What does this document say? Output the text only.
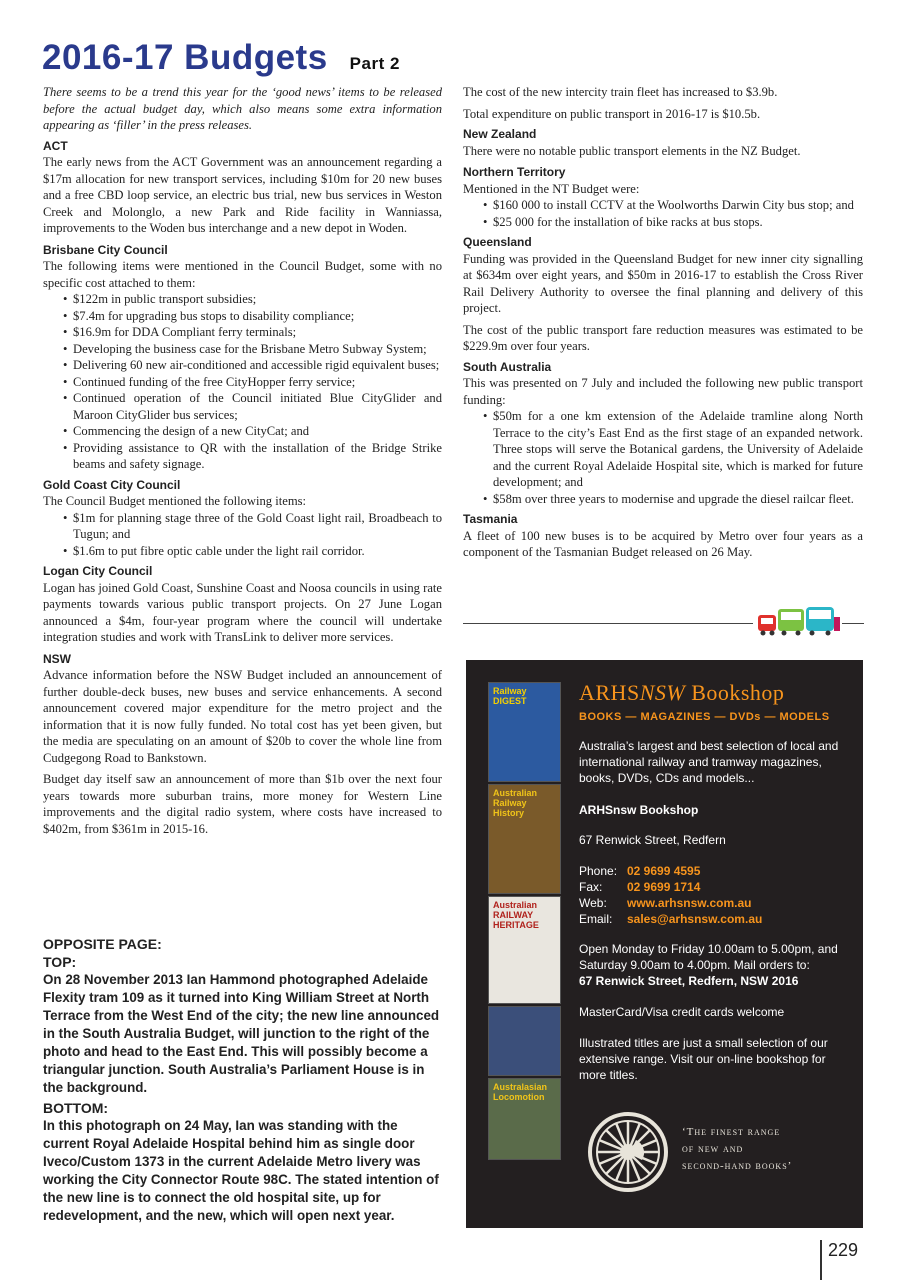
2016-17 Budgets Part 2

There seems to be a trend this year for the ‘good news’ items to be released before the actual budget day, which also means some extra information appearing as ‘filler’ in the press releases.

ACT

The early news from the ACT Government was an announcement regarding a $17m allocation for new transport services, including $10m for 20 new buses and a free CBD loop service, an electric bus trial, new bus services in Weston Creek and Molonglo, a new Park and Ride facility in Wanniassa, improvements to the Woden bus interchange and a new depot in Woden.

Brisbane City Council

The following items were mentioned in the Council Budget, some with no specific cost attached to them:

• $122m in public transport subsidies;
• $7.4m for upgrading bus stops to disability compliance;
• $16.9m for DDA Compliant ferry terminals;
• Developing the business case for the Brisbane Metro Subway System;
• Delivering 60 new air-conditioned and accessible rigid equivalent buses;
• Continued funding of the free CityHopper ferry service;
• Continued operation of the Council initiated Blue CityGlider and Maroon CityGlider bus services;
• Commencing the design of a new CityCat; and
• Providing assistance to QR with the installation of the Bridge Strike beams and safety signage.
Gold Coast City Council

The Council Budget mentioned the following items:

• $1m for planning stage three of the Gold Coast light rail, Broadbeach to Tugun; and
• $1.6m to put fibre optic cable under the light rail corridor.
Logan City Council

Logan has joined Gold Coast, Sunshine Coast and Noosa councils in using rate payments towards various public transport projects. On 27 June Logan announced a $4m, four-year program where the council will undertake integration studies and work with TransLink to deliver more services.

NSW

Advance information before the NSW Budget included an announcement of further double-deck buses, new buses and service enhancements. A second announcement covered major expenditure for the metro project and the information that it is now fully funded. No total cost has yet been given, but the media are speculating on an amount of $20b to cover the whole line from Cudgegong Road to Bankstown.

Budget day itself saw an announcement of more than $1b over the next four years towards more suburban trains, more money for Western Line improvements and the digital radio system, where costs have increased to $402m, from $361m in 2015-16.

The cost of the new intercity train fleet has increased to $3.9b.

Total expenditure on public transport in 2016-17 is $10.5b.

New Zealand

There were no notable public transport elements in the NZ Budget.

Northern Territory

Mentioned in the NT Budget were:

• $160 000 to install CCTV at the Woolworths Darwin City bus stop; and
• $25 000 for the installation of bike racks at bus stops.
Queensland

Funding was provided in the Queensland Budget for new inner city signalling at $634m over eight years, and $50m in 2016-17 to establish the Cross River Rail Delivery Authority to oversee the final planning and delivery of this project.

The cost of the public transport fare reduction measures was estimated to be $229.9m over four years.

South Australia

This was presented on 7 July and included the following new public transport funding:

• $50m for a one km extension of the Adelaide tramline along North Terrace to the city’s East End as the first stage of an expanded network. Three stops will serve the Botanical gardens, the University of Adelaide and the current Royal Adelaide Hospital site, which is marked for future development; and
• $58m over three years to modernise and upgrade the diesel railcar fleet.
Tasmania

A fleet of 100 new buses is to be acquired by Metro over four years as a component of the Tasmanian Budget released on 26 May.

OPPOSITE PAGE:
TOP:
On 28 November 2013 Ian Hammond photographed Adelaide Flexity tram 109 as it turned into King William Street at North Terrace from the West End of the city; the new line announced in the South Australia Budget, will junction to the right of the photo and head to the East End. This will possibly become a triangular junction. South Australia’s Parliament House is in the background.
BOTTOM:
In this photograph on 24 May, Ian was standing with the current Royal Adelaide Hospital behind him as single door Iveco/Custom 1373 in the current Adelaide Metro livery was working the City Connector Route 98C. The stated intention of the new line is to connect the old hospital site, up for redevelopment, and the new, which will open next year.
Railway DIGEST
Australian Railway History
Australian RAILWAY HERITAGE
Australasian Locomotion
ARHSNSW Bookshop
BOOKS — MAGAZINES — DVDs — MODELS
Australia’s largest and best selection of local and international railway and tramway magazines, books, DVDs, CDs and models...
ARHSnsw Bookshop
67 Renwick Street, Redfern
Phone: 02 9699 4595
Fax:	02 9699 1714
Web:	www.arhsnsw.com.au
Email:	sales@arhsnsw.com.au
Open Monday to Friday 10.00am to 5.00pm, and Saturday 9.00am to 4.00pm. Mail orders to:
67 Renwick Street, Redfern, NSW 2016
MasterCard/Visa credit cards welcome
Illustrated titles are just a small selection of our extensive range. Visit our on-line bookshop for more titles.
‘The finest range
of new and
second-hand books’
229
